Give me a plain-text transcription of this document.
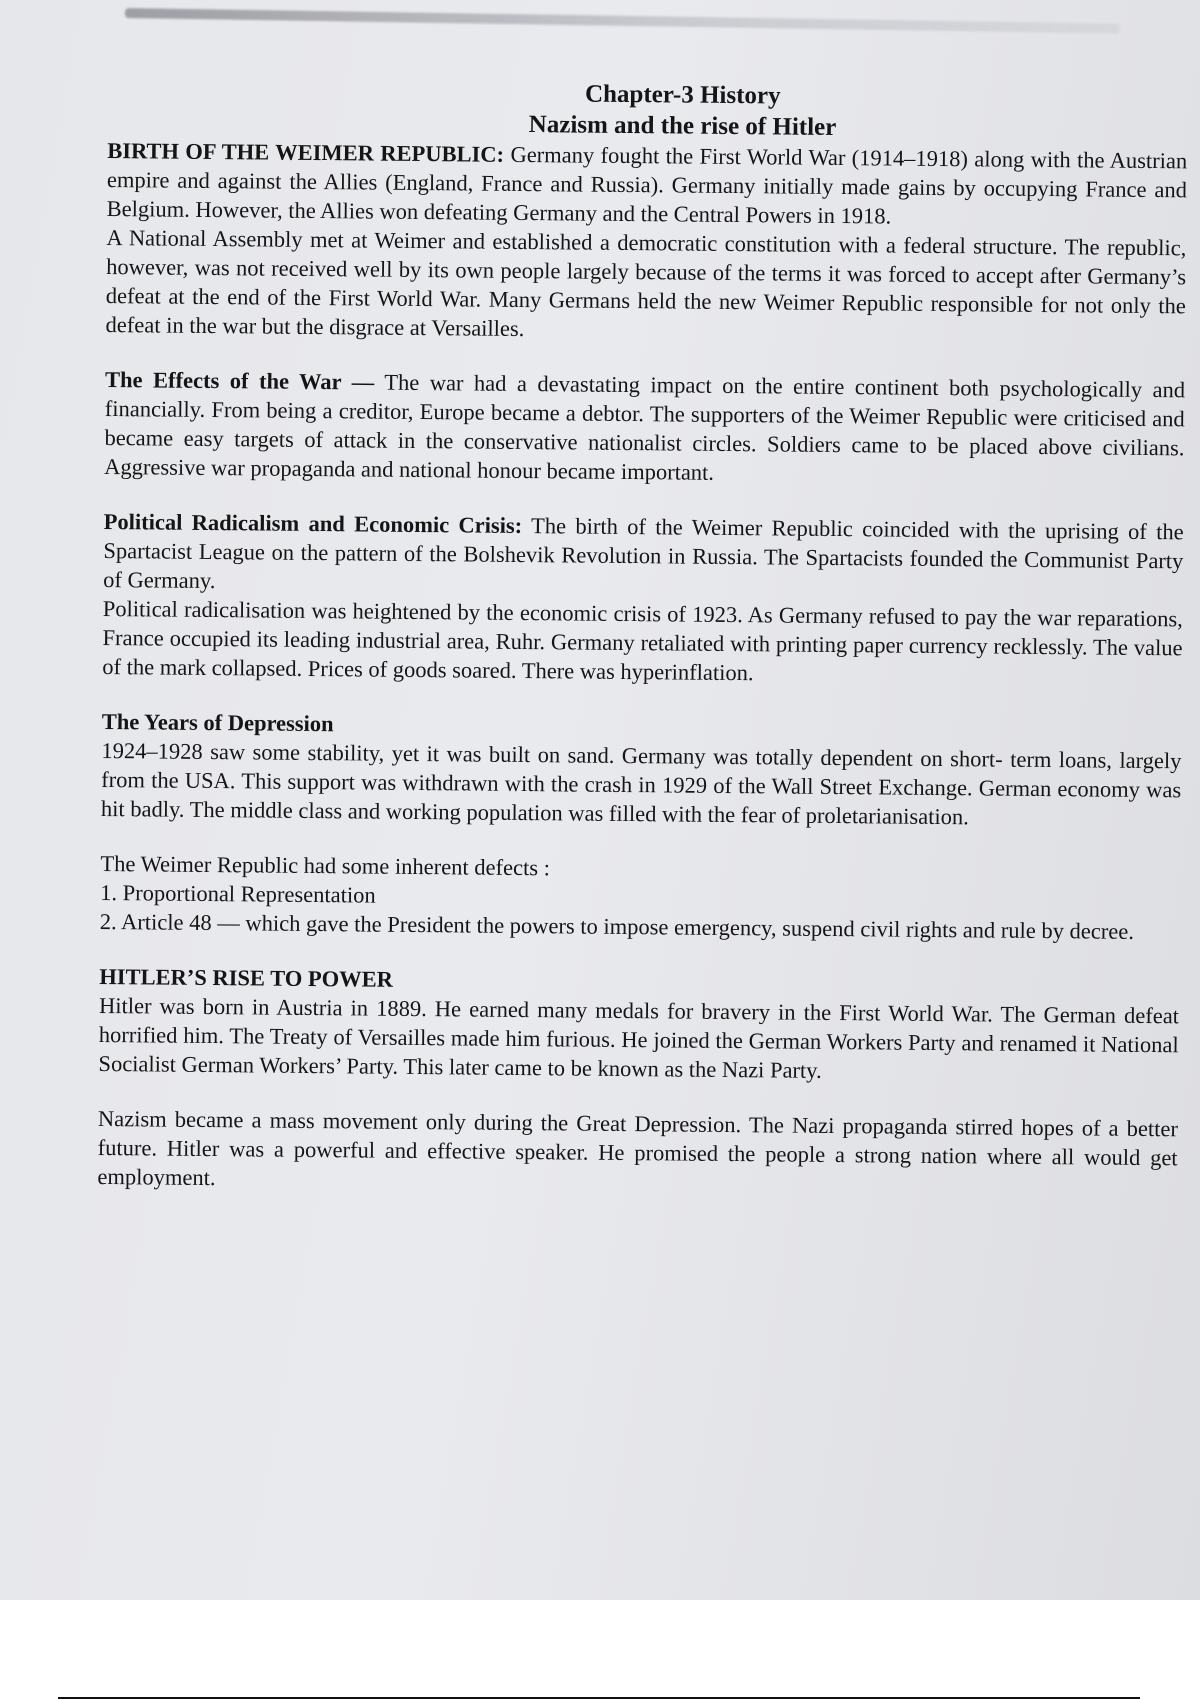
Chapter-3 History

Nazism and the rise of Hitler

BIRTH OF THE WEIMER REPUBLIC: Germany fought the First World War (1914–1918) along with the Austrian empire and against the Allies (England, France and Russia). Germany initially made gains by occupying France and Belgium. However, the Allies won defeating Germany and the Central Powers in 1918.

A National Assembly met at Weimer and established a democratic constitution with a federal structure. The republic, however, was not received well by its own people largely because of the terms it was forced to accept after Germany’s defeat at the end of the First World War. Many Germans held the new Weimer Republic responsible for not only the defeat in the war but the disgrace at Versailles.

The Effects of the War — The war had a devastating impact on the entire continent both psychologically and financially. From being a creditor, Europe became a debtor. The supporters of the Weimer Republic were criticised and became easy targets of attack in the conservative nationalist circles. Soldiers came to be placed above civilians. Aggressive war propaganda and national honour became important.

Political Radicalism and Economic Crisis: The birth of the Weimer Republic coincided with the uprising of the Spartacist League on the pattern of the Bolshevik Revolution in Russia. The Spartacists founded the Communist Party of Germany.

Political radicalisation was heightened by the economic crisis of 1923. As Germany refused to pay the war reparations, France occupied its leading industrial area, Ruhr. Germany retaliated with printing paper currency recklessly. The value of the mark collapsed. Prices of goods soared. There was hyperinflation.

The Years of Depression

1924–1928 saw some stability, yet it was built on sand. Germany was totally dependent on short- term loans, largely from the USA. This support was withdrawn with the crash in 1929 of the Wall Street Exchange. German economy was hit badly. The middle class and working population was filled with the fear of proletarianisation.

The Weimer Republic had some inherent defects :

1. Proportional Representation

2. Article 48 — which gave the President the powers to impose emergency, suspend civil rights and rule by decree.

HITLER’S RISE TO POWER

Hitler was born in Austria in 1889. He earned many medals for bravery in the First World War. The German defeat horrified him. The Treaty of Versailles made him furious. He joined the German Workers Party and renamed it National Socialist German Workers’ Party. This later came to be known as the Nazi Party.

Nazism became a mass movement only during the Great Depression. The Nazi propaganda stirred hopes of a better future. Hitler was a powerful and effective speaker. He promised the people a strong nation where all would get employment.
